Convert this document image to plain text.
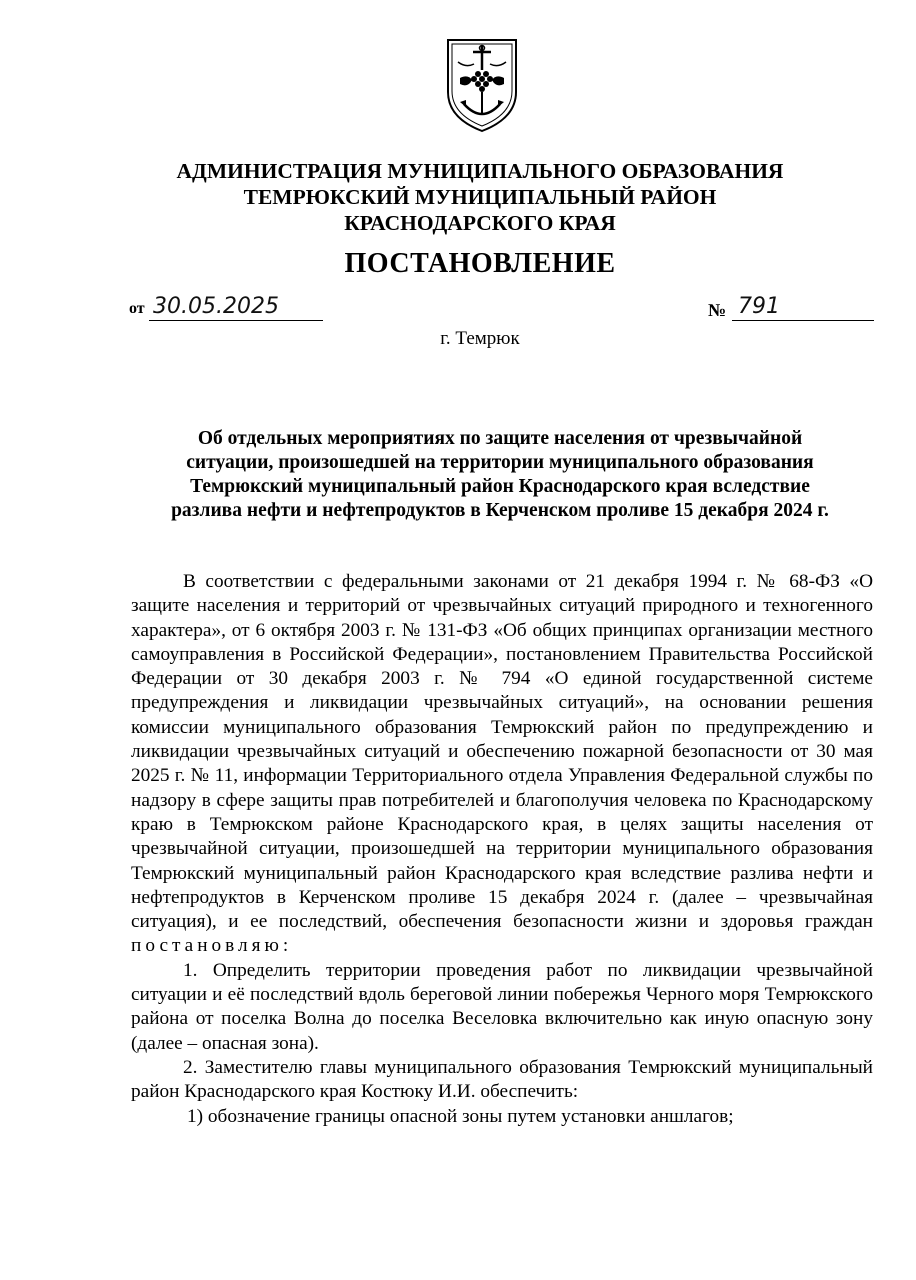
АДМИНИСТРАЦИЯ МУНИЦИПАЛЬНОГО ОБРАЗОВАНИЯ
ТЕМРЮКСКИЙ МУНИЦИПАЛЬНЫЙ РАЙОН
КРАСНОДАРСКОГО КРАЯ
ПОСТАНОВЛЕНИЕ
от 30.05.2025	№ 791
г. Темрюк
Об отдельных мероприятиях по защите населения от чрезвычайной
ситуации, произошедшей на территории муниципального образования
Темрюкский муниципальный район Краснодарского края вследствие
разлива нефти и нефтепродуктов в Керченском проливе 15 декабря 2024 г.

В соответствии с федеральными законами от 21 декабря 1994 г. № 68-ФЗ «О защите населения и территорий от чрезвычайных ситуаций природного и техногенного характера», от 6 октября 2003 г. № 131-ФЗ «Об общих принципах организации местного самоуправления в Российской Федерации», постановлением Правительства Российской Федерации от 30 декабря 2003 г. № 794 «О единой государственной системе предупреждения и ликвидации чрезвычайных ситуаций», на основании решения комиссии муниципального образования Темрюкский район по предупреждению и ликвидации чрезвычайных ситуаций и обеспечению пожарной безопасности от 30 мая 2025 г. № 11, информации Территориального отдела Управления Федеральной службы по надзору в сфере защиты прав потребителей и благополучия человека по Краснодарскому краю в Темрюкском районе Краснодарского края, в целях защиты населения от чрезвычайной ситуации, произошедшей на территории муниципального образования Темрюкский муниципальный район Краснодарского края вследствие разлива нефти и нефтепродуктов в Керченском проливе 15 декабря 2024 г. (далее – чрезвычайная ситуация), и ее последствий, обеспечения безопасности жизни и здоровья граждан постановляю:

1. Определить территории проведения работ по ликвидации чрезвычайной ситуации и её последствий вдоль береговой линии побережья Черного моря Темрюкского района от поселка Волна до поселка Веселовка включительно как иную опасную зону (далее – опасная зона).

2. Заместителю главы муниципального образования Темрюкский муниципальный район Краснодарского края Костюку И.И. обеспечить:

1) обозначение границы опасной зоны путем установки аншлагов;
